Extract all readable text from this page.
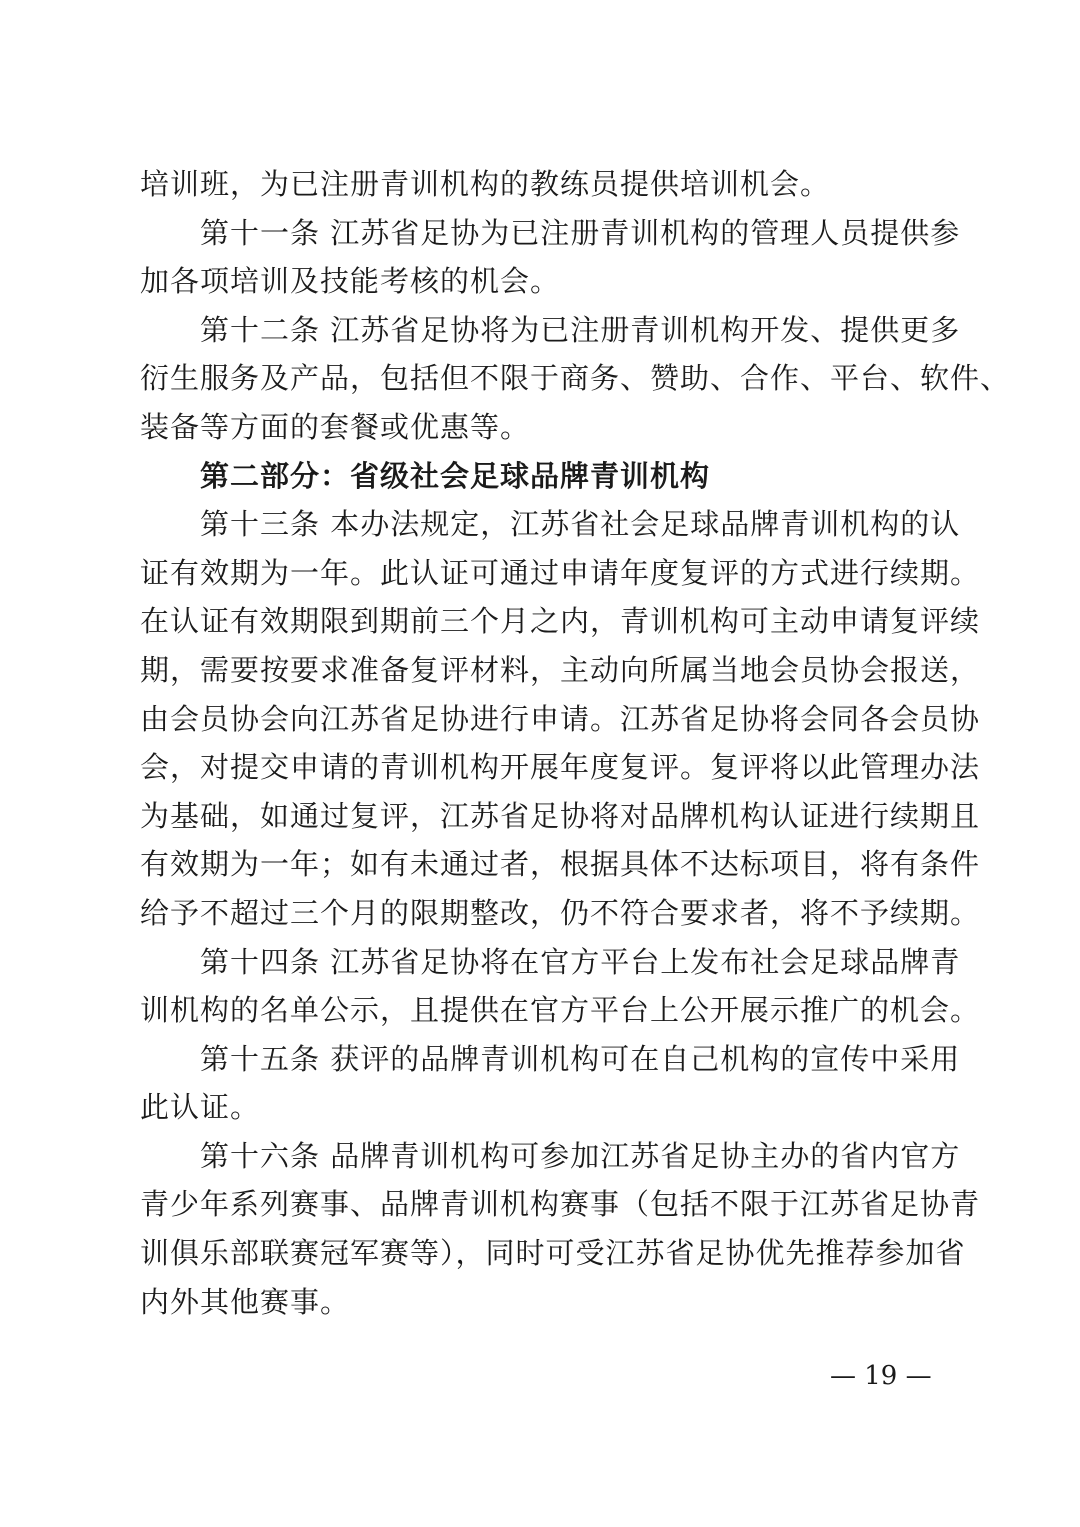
培训班，为已注册青训机构的教练员提供培训机会。
第十一条 江苏省足协为已注册青训机构的管理人员提供参
加各项培训及技能考核的机会。
第十二条 江苏省足协将为已注册青训机构开发、提供更多
衍生服务及产品，包括但不限于商务、赞助、合作、平台、软件、
装备等方面的套餐或优惠等。
第二部分：省级社会足球品牌青训机构
第十三条 本办法规定，江苏省社会足球品牌青训机构的认
证有效期为一年。此认证可通过申请年度复评的方式进行续期。
在认证有效期限到期前三个月之内，青训机构可主动申请复评续
期，需要按要求准备复评材料，主动向所属当地会员协会报送，
由会员协会向江苏省足协进行申请。江苏省足协将会同各会员协
会，对提交申请的青训机构开展年度复评。复评将以此管理办法
为基础，如通过复评，江苏省足协将对品牌机构认证进行续期且
有效期为一年；如有未通过者，根据具体不达标项目，将有条件
给予不超过三个月的限期整改，仍不符合要求者，将不予续期。
第十四条 江苏省足协将在官方平台上发布社会足球品牌青
训机构的名单公示，且提供在官方平台上公开展示推广的机会。
第十五条 获评的品牌青训机构可在自己机构的宣传中采用
此认证。
第十六条 品牌青训机构可参加江苏省足协主办的省内官方
青少年系列赛事、品牌青训机构赛事（包括不限于江苏省足协青
训俱乐部联赛冠军赛等），同时可受江苏省足协优先推荐参加省
内外其他赛事。
— 19 —
